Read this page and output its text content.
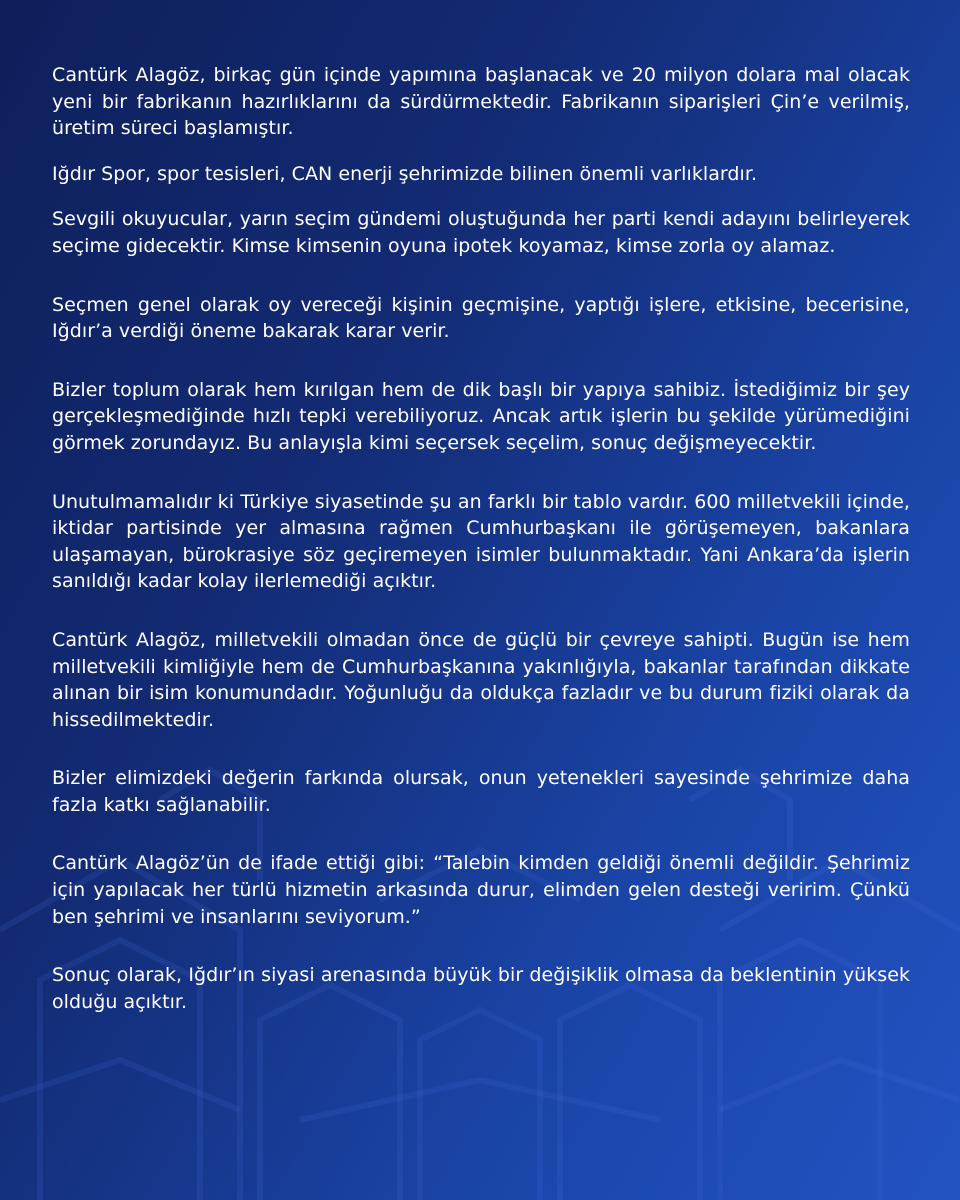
Cantürk Alagöz, birkaç gün içinde yapımına başlanacak ve 20 milyon dolara mal olacak yeni bir fabrikanın hazırlıklarını da sürdürmektedir. Fabrikanın siparişleri Çin’e verilmiş, üretim süreci başlamıştır.

Iğdır Spor, spor tesisleri, CAN enerji şehrimizde bilinen önemli varlıklardır.

Sevgili okuyucular, yarın seçim gündemi oluştuğunda her parti kendi adayını belirleyerek seçime gidecektir. Kimse kimsenin oyuna ipotek koyamaz, kimse zorla oy alamaz.

Seçmen genel olarak oy vereceği kişinin geçmişine, yaptığı işlere, etkisine, becerisine, Iğdır’a verdiği öneme bakarak karar verir.

Bizler toplum olarak hem kırılgan hem de dik başlı bir yapıya sahibiz. İstediğimiz bir şey gerçekleşmediğinde hızlı tepki verebiliyoruz. Ancak artık işlerin bu şekilde yürümediğini görmek zorundayız. Bu anlayışla kimi seçersek seçelim, sonuç değişmeyecektir.

Unutulmamalıdır ki Türkiye siyasetinde şu an farklı bir tablo vardır. 600 milletvekili içinde, iktidar partisinde yer almasına rağmen Cumhurbaşkanı ile görüşemeyen, bakanlara ulaşamayan, bürokrasiye söz geçiremeyen isimler bulunmaktadır. Yani Ankara’da işlerin sanıldığı kadar kolay ilerlemediği açıktır.

Cantürk Alagöz, milletvekili olmadan önce de güçlü bir çevreye sahipti. Bugün ise hem milletvekili kimliğiyle hem de Cumhurbaşkanına yakınlığıyla, bakanlar tarafından dikkate alınan bir isim konumundadır. Yoğunluğu da oldukça fazladır ve bu durum fiziki olarak da hissedilmektedir.

Bizler elimizdeki değerin farkında olursak, onun yetenekleri sayesinde şehrimize daha fazla katkı sağlanabilir.

Cantürk Alagöz’ün de ifade ettiği gibi: “Talebin kimden geldiği önemli değildir. Şehrimiz için yapılacak her türlü hizmetin arkasında durur, elimden gelen desteği veririm. Çünkü ben şehrimi ve insanlarını seviyorum.”

Sonuç olarak, Iğdır’ın siyasi arenasında büyük bir değişiklik olmasa da beklentinin yüksek olduğu açıktır.
